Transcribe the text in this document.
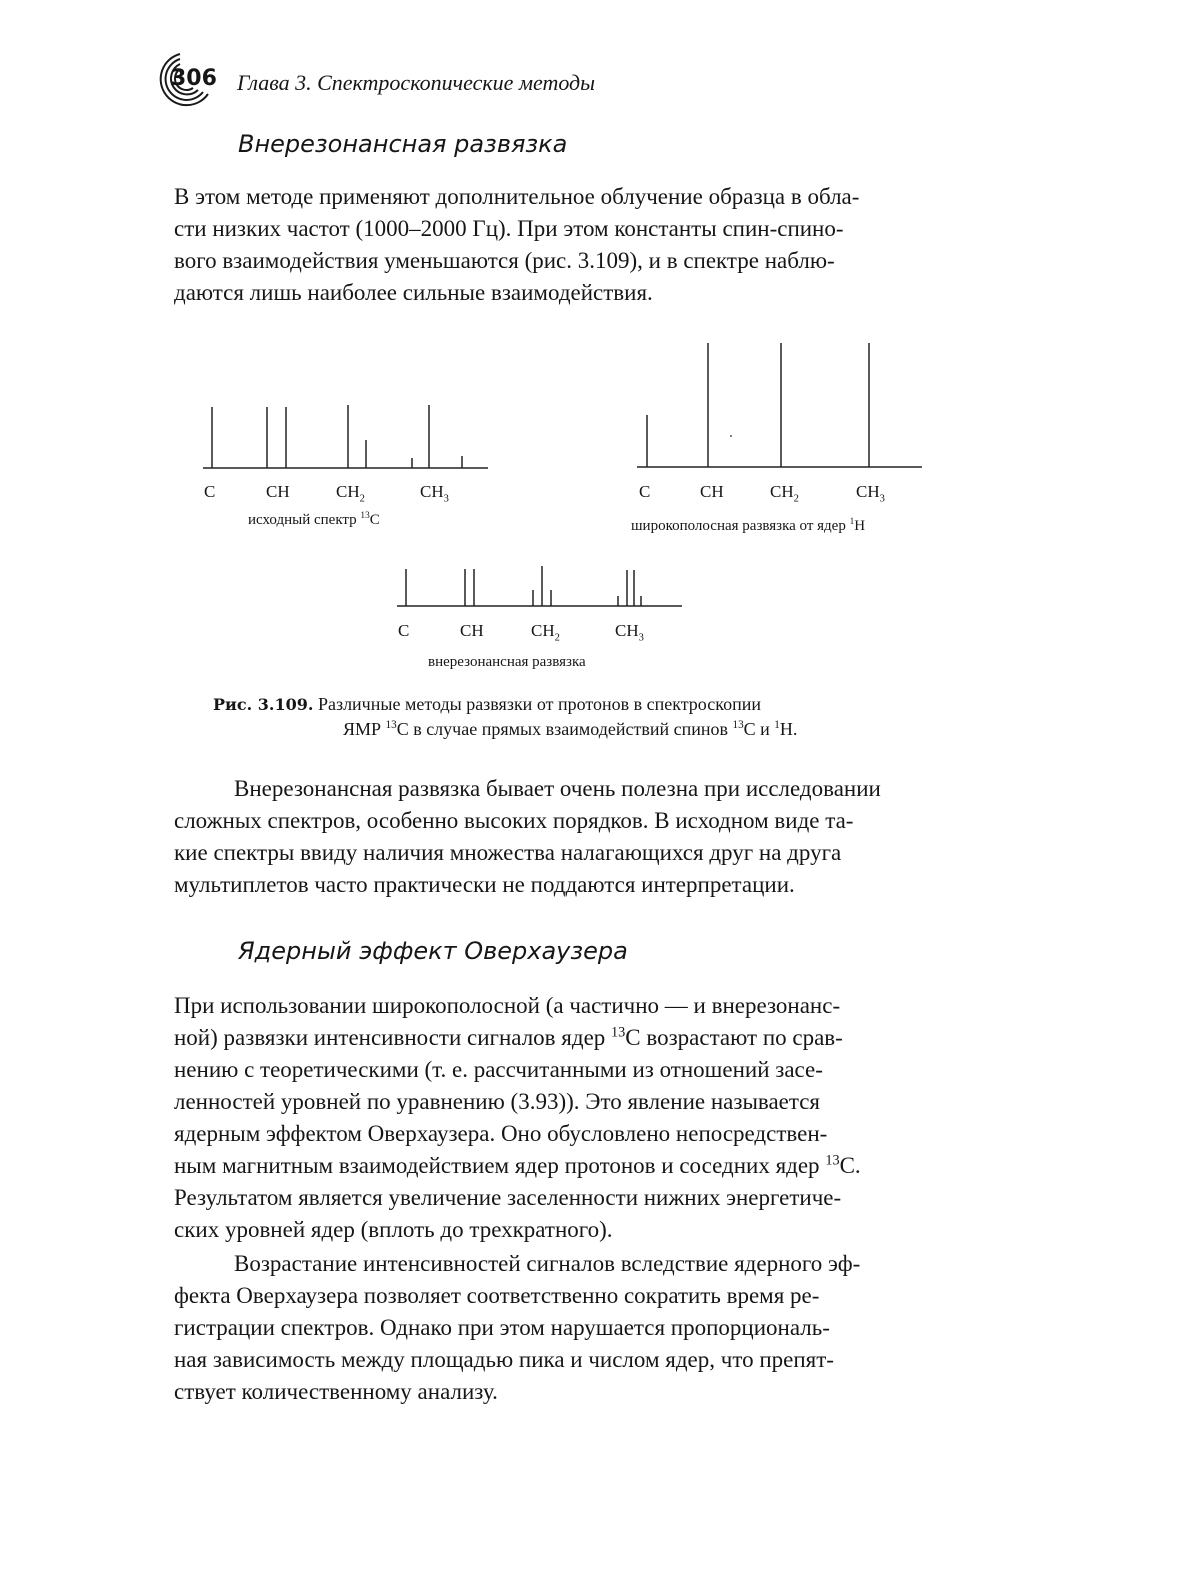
306 Глава 3. Спектроскопические методы
Внерезонансная развязка
В этом методе применяют дополнительное облучение образца в обла-
сти низких частот (1000–2000 Гц). При этом константы спин-спино-
вого взаимодействия уменьшаются (рис. 3.109), и в спектре наблю-
даются лишь наиболее сильные взаимодействия.
C	CH	$CH_2$	$CH_3$
исходный спектр $^{13}$C
C	CH	$CH_2$	$CH_3$
широкополосная развязка от ядер $^1$H
C	CH	$CH_2$	$CH_3$
внерезонансная развязка
Рис. 3.109. Различные методы развязки от протонов в спектроскопии
ЯМР $^{13}$C в случае прямых взаимодействий спинов $^{13}$C и $^1$H.
Внерезонансная развязка бывает очень полезна при исследовании
сложных спектров, особенно высоких порядков. В исходном виде та-
кие спектры ввиду наличия множества налагающихся друг на друга
мультиплетов часто практически не поддаются интерпретации.
Ядерный эффект Оверхаузера
При использовании широкополосной (а частично — и внерезонанс-
ной) развязки интенсивности сигналов ядер $^{13}$C возрастают по срав-
нению с теоретическими (т. е. рассчитанными из отношений засе-
ленностей уровней по уравнению (3.93)). Это явление называется
ядерным эффектом Оверхаузера. Оно обусловлено непосредствен-
ным магнитным взаимодействием ядер протонов и соседних ядер $^{13}$C.
Результатом является увеличение заселенности нижних энергетиче-
ских уровней ядер (вплоть до трехкратного).
Возрастание интенсивностей сигналов вследствие ядерного эф-
фекта Оверхаузера позволяет соответственно сократить время ре-
гистрации спектров. Однако при этом нарушается пропорциональ-
ная зависимость между площадью пика и числом ядер, что препят-
ствует количественному анализу.
